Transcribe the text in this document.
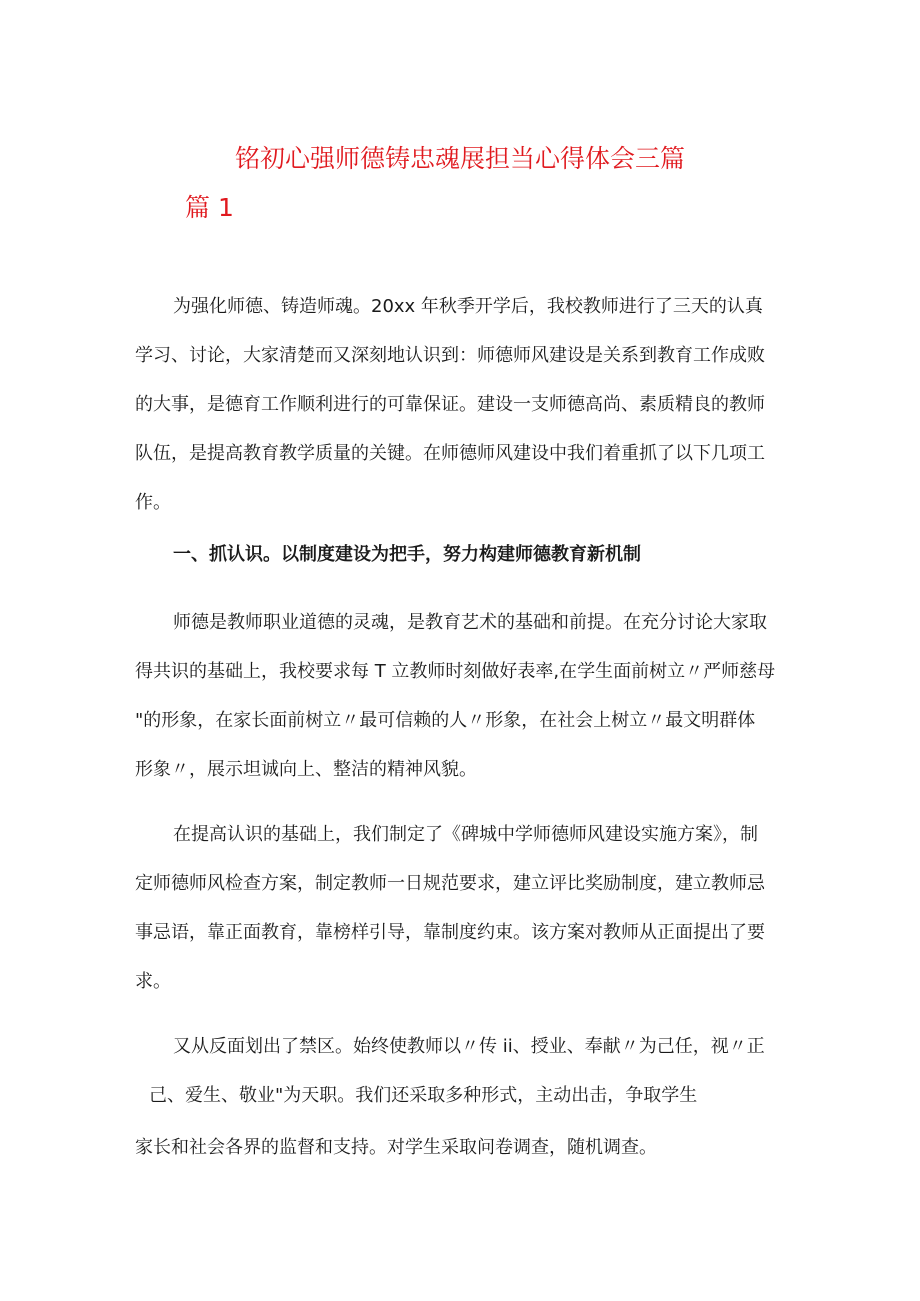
铭初心强师德铸忠魂展担当心得体会三篇
篇 1
为强化师德、铸造师魂。20xx 年秋季开学后，我校教师进行了三天的认真
学习、讨论，大家清楚而又深刻地认识到：师德师风建设是关系到教育工作成败
的大事，是德育工作顺利进行的可靠保证。建设一支师德高尚、素质精良的教师
队伍，是提高教育教学质量的关键。在师德师风建设中我们着重抓了以下几项工
作。
一、抓认识。以制度建设为把手，努力构建师德教育新机制
师德是教师职业道德的灵魂，是教育艺术的基础和前提。在充分讨论大家取
得共识的基础上，我校要求每 T 立教师时刻做好表率,在学生面前树立〃严师慈母
"的形象，在家长面前树立〃最可信赖的人〃形象，在社会上树立〃最文明群体
形象〃，展示坦诚向上、整洁的精神风貌。
在提高认识的基础上，我们制定了《碑城中学师德师风建设实施方案》，制
定师德师风检查方案，制定教师一日规范要求，建立评比奖励制度，建立教师忌
事忌语，靠正面教育，靠榜样引导，靠制度约束。该方案对教师从正面提出了要
求。
又从反面划出了禁区。始终使教师以〃传 ii、授业、奉献〃为己任，视〃正
己、爱生、敬业"为天职。我们还采取多种形式，主动出击，争取学生
家长和社会各界的监督和支持。对学生采取问卷调查，随机调查。
